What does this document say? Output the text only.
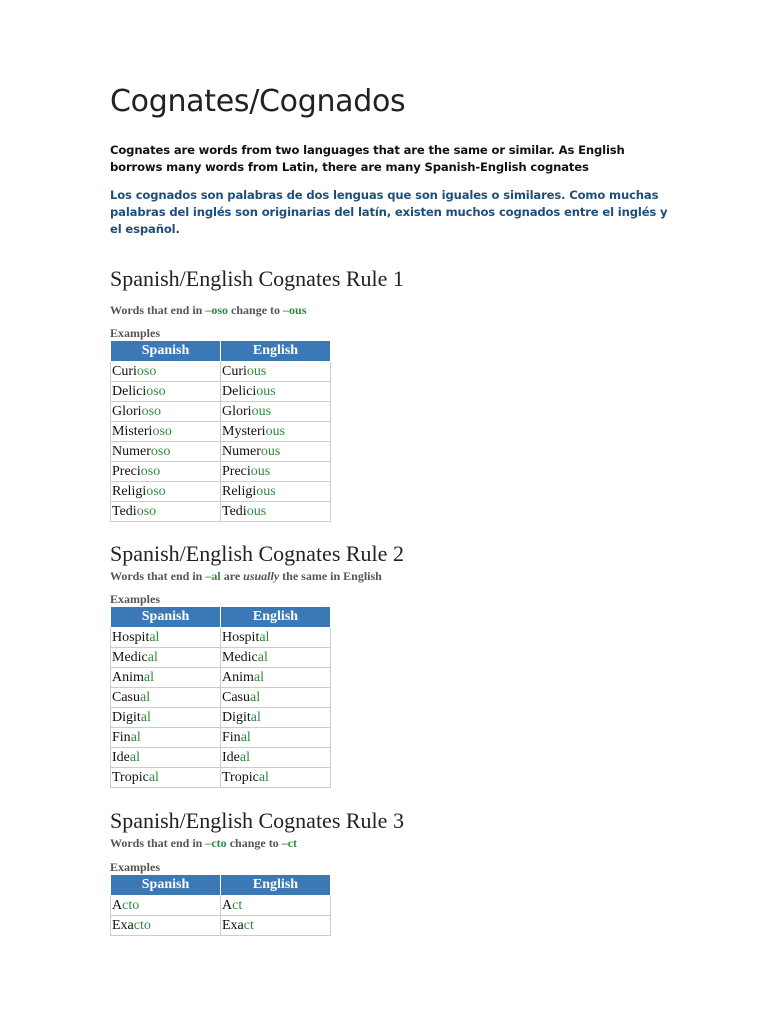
Cognates/Cognados

Cognates are words from two languages that are the same or similar. As English borrows many words from Latin, there are many Spanish-English cognates

Los cognados son palabras de dos lenguas que son iguales o similares. Como muchas palabras del inglés son originarias del latín, existen muchos cognados entre el inglés y el español.

Spanish/English Cognates Rule 1

Words that end in –oso change to –ous

Examples

Spanish	English
Curioso	Curious
Delicioso	Delicious
Glorioso	Glorious
Misterioso	Mysterious
Numeroso	Numerous
Precioso	Precious
Religioso	Religious
Tedioso	Tedious
Spanish/English Cognates Rule 2

Words that end in –al are usually the same in English

Examples

Spanish	English
Hospital	Hospital
Medical	Medical
Animal	Animal
Casual	Casual
Digital	Digital
Final	Final
Ideal	Ideal
Tropical	Tropical
Spanish/English Cognates Rule 3

Words that end in –cto change to –ct

Examples

Spanish	English
Acto	Act
Exacto	Exact
